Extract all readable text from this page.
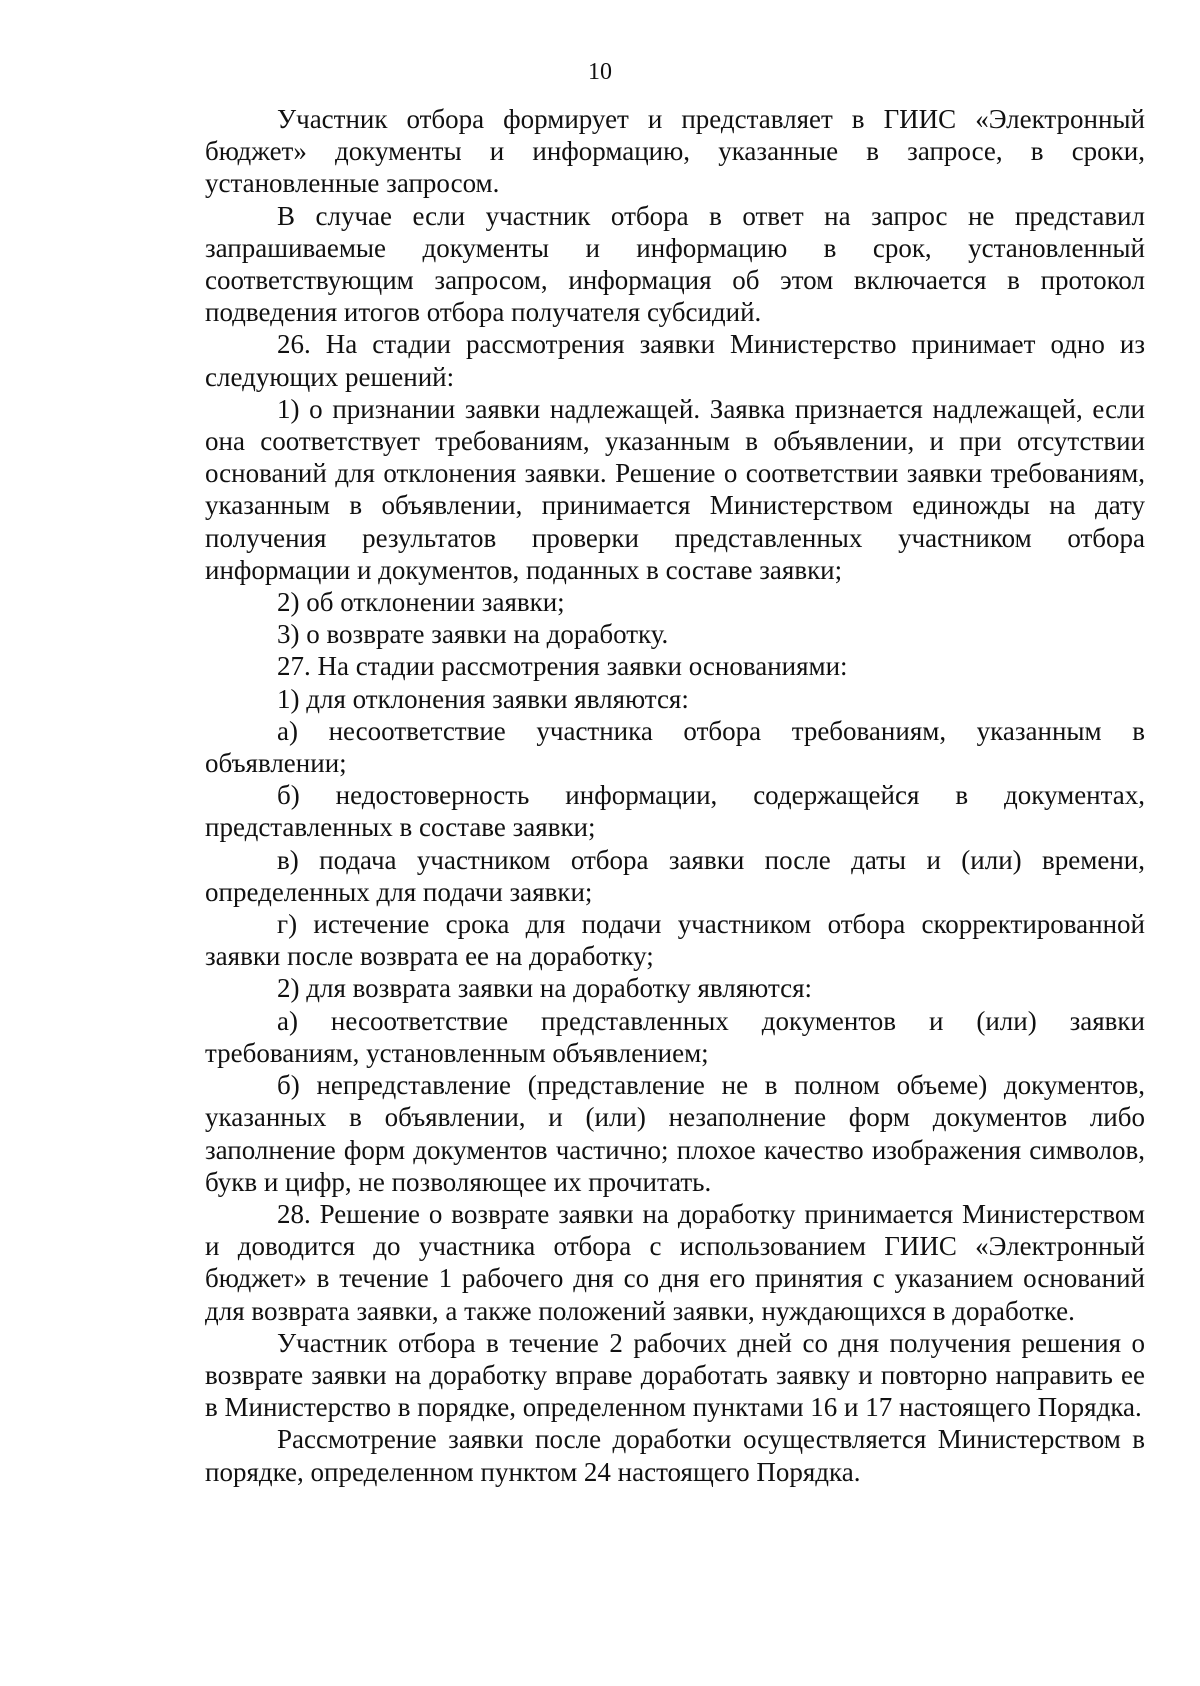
10

Участник отбора формирует и представляет в ГИИС «Электронный бюджет» документы и информацию, указанные в запросе, в сроки, установленные запросом.

В случае если участник отбора в ответ на запрос не представил запрашиваемые документы и информацию в срок, установленный соответствующим запросом, информация об этом включается в протокол подведения итогов отбора получателя субсидий.

26. На стадии рассмотрения заявки Министерство принимает одно из следующих решений:

1) о признании заявки надлежащей. Заявка признается надлежащей, если она соответствует требованиям, указанным в объявлении, и при отсутствии оснований для отклонения заявки. Решение о соответствии заявки требованиям, указанным в объявлении, принимается Министерством единожды на дату получения результатов проверки представленных участником отбора информации и документов, поданных в составе заявки;

2) об отклонении заявки;

3) о возврате заявки на доработку.

27. На стадии рассмотрения заявки основаниями:

1) для отклонения заявки являются:

а) несоответствие участника отбора требованиям, указанным в объявлении;

б) недостоверность информации, содержащейся в документах, представленных в составе заявки;

в) подача участником отбора заявки после даты и (или) времени, определенных для подачи заявки;

г) истечение срока для подачи участником отбора скорректированной заявки после возврата ее на доработку;

2) для возврата заявки на доработку являются:

а) несоответствие представленных документов и (или) заявки требованиям, установленным объявлением;

б) непредставление (представление не в полном объеме) документов, указанных в объявлении, и (или) незаполнение форм документов либо заполнение форм документов частично; плохое качество изображения символов, букв и цифр, не позволяющее их прочитать.

28. Решение о возврате заявки на доработку принимается Министерством и доводится до участника отбора с использованием ГИИС «Электронный бюджет» в течение 1 рабочего дня со дня его принятия с указанием оснований для возврата заявки, а также положений заявки, нуждающихся в доработке.

Участник отбора в течение 2 рабочих дней со дня получения решения о возврате заявки на доработку вправе доработать заявку и повторно направить ее в Министерство в порядке, определенном пунктами 16 и 17 настоящего Порядка.

Рассмотрение заявки после доработки осуществляется Министерством в порядке, определенном пунктом 24 настоящего Порядка.
